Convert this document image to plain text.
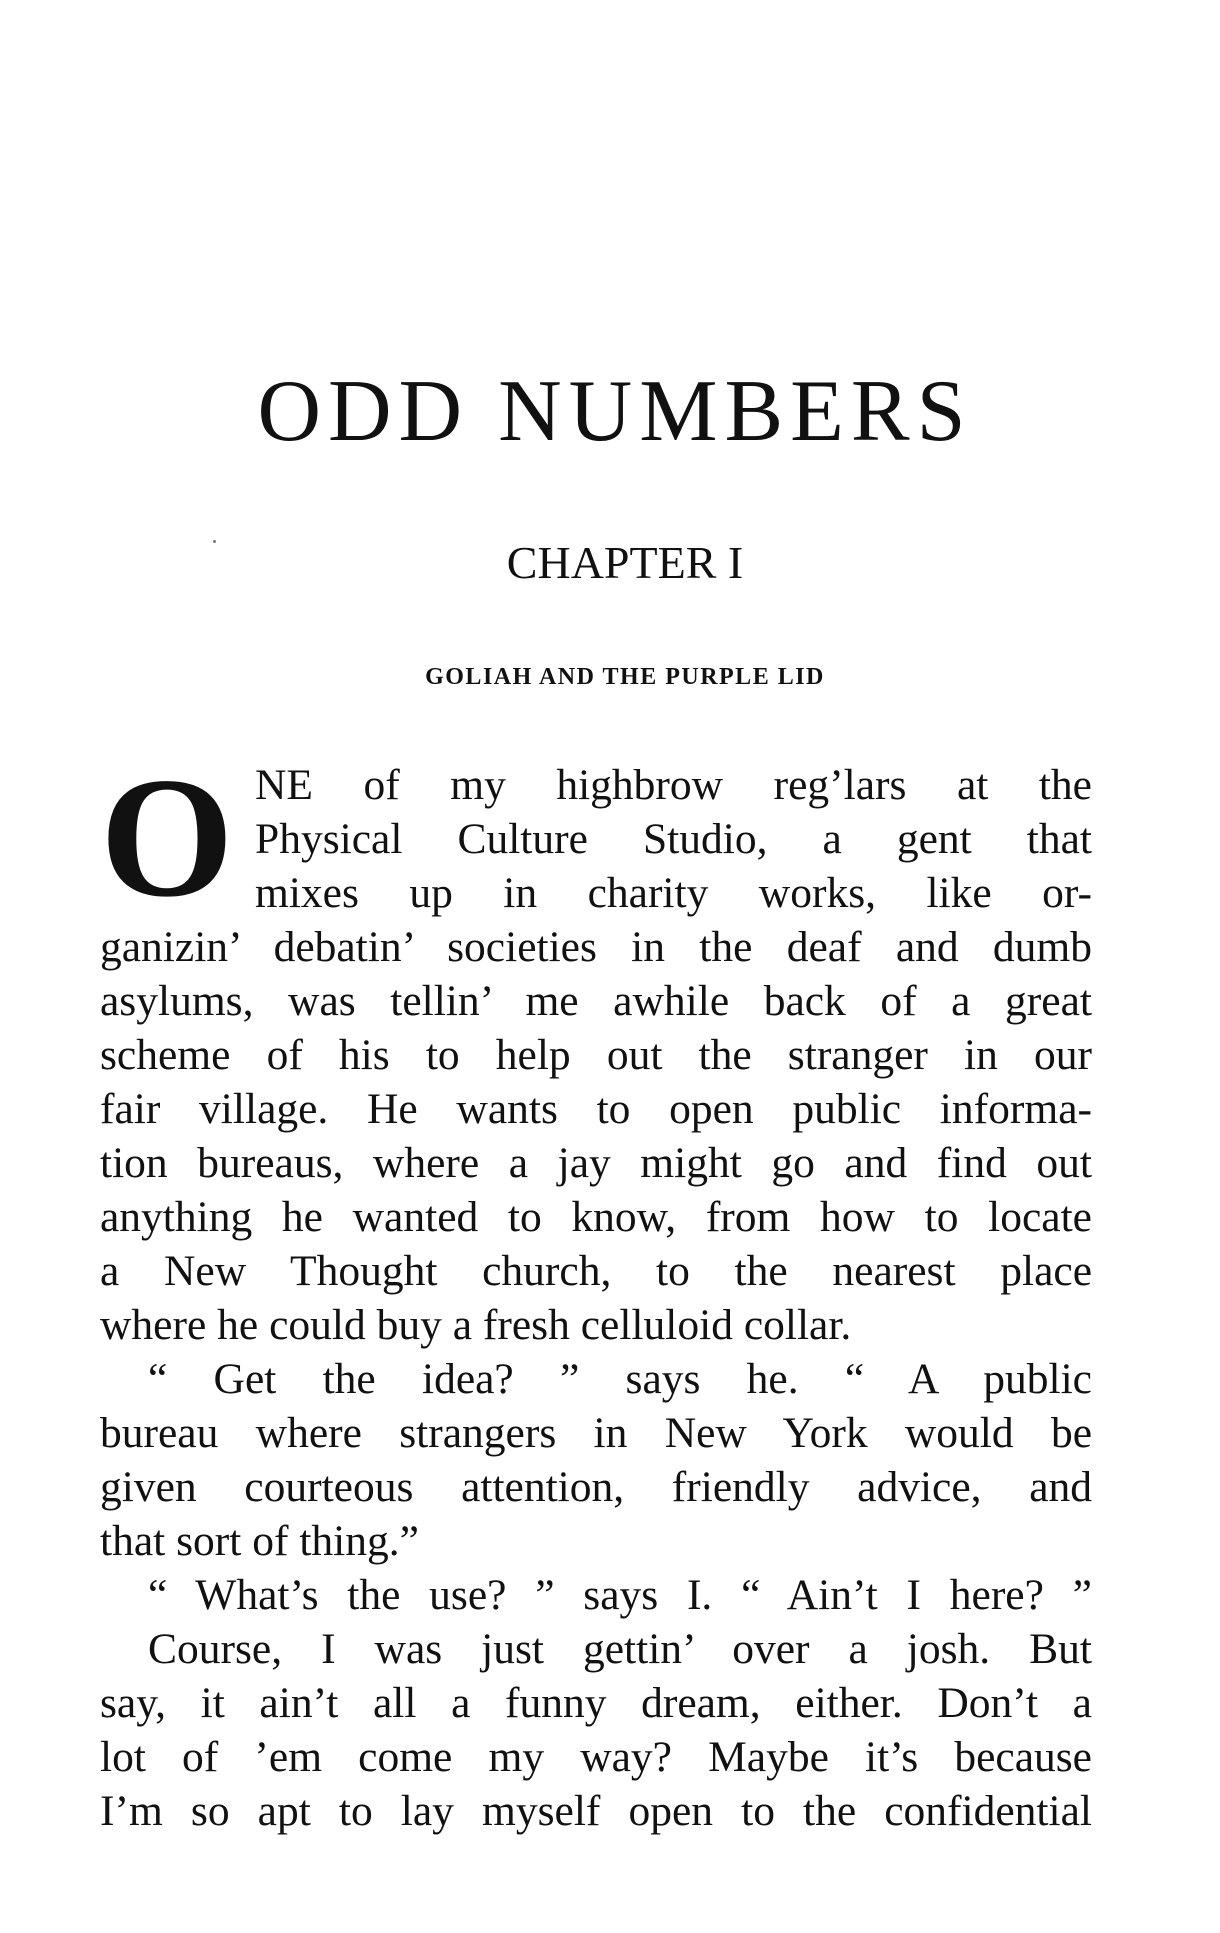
ODD NUMBERS
CHAPTER I
GOLIAH AND THE PURPLE LID
O NE of my highbrow reg’lars at the
Physical Culture Studio, a gent that
mixes up in charity works, like or-
ganizin’ debatin’ societies in the deaf and dumb
asylums, was tellin’ me awhile back of a great
scheme of his to help out the stranger in our
fair village. He wants to open public informa-
tion bureaus, where a jay might go and find out
anything he wanted to know, from how to locate
a New Thought church, to the nearest place
where he could buy a fresh celluloid collar.
“ Get the idea? ” says he. “ A public
bureau where strangers in New York would be
given courteous attention, friendly advice, and
that sort of thing.”
“ What’s the use? ” says I. “ Ain’t I here? ”
Course, I was just gettin’ over a josh. But
say, it ain’t all a funny dream, either. Don’t a
lot of ’em come my way? Maybe it’s because
I’m so apt to lay myself open to the confidential
